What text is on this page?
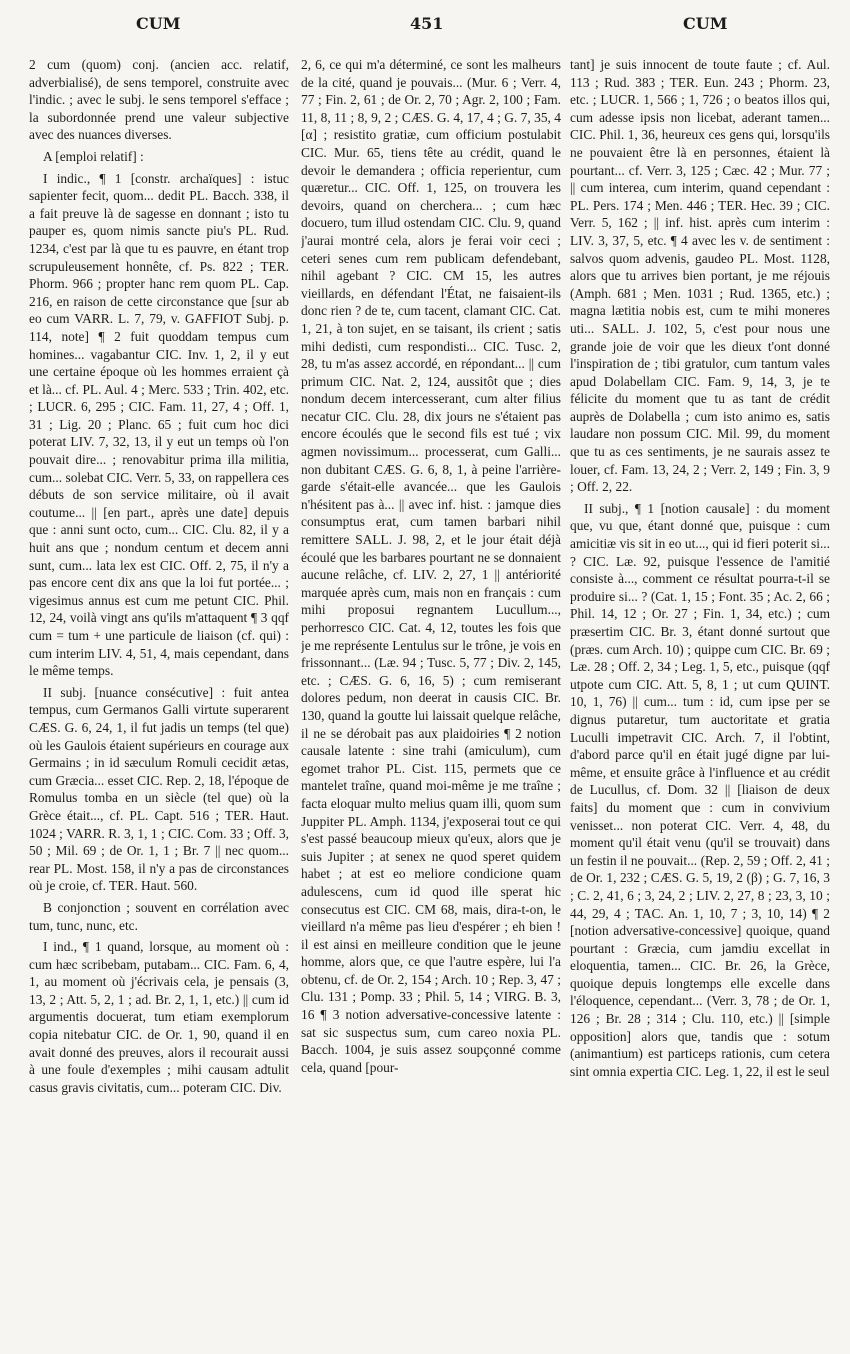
CUM	451	CUM

2 cum (quom) conj. (ancien acc. relatif, adverbialisé), de sens temporel, construite avec l'indic. ; avec le subj. le sens temporel s'efface ; la subordonnée prend une valeur subjective avec des nuances diverses.

A [emploi relatif] :

I indic., ¶ 1 [constr. archaïques] : istuc sapienter fecit, quom... dedit PL. Bacch. 338, il a fait preuve là de sagesse en donnant ; isto tu pauper es, quom nimis sancte piu's PL. Rud. 1234, c'est par là que tu es pauvre, en étant trop scrupuleusement honnête, cf. Ps. 822 ; TER. Phorm. 966 ; propter hanc rem quom PL. Cap. 216, en raison de cette circonstance que [sur ab eo cum VARR. L. 7, 79, v. GAFFIOT Subj. p. 114, note] ¶ 2 fuit quoddam tempus cum homines... vagabantur CIC. Inv. 1, 2, il y eut une certaine époque où les hommes erraient çà et là... cf. PL. Aul. 4 ; Merc. 533 ; Trin. 402, etc. ; LUCR. 6, 295 ; CIC. Fam. 11, 27, 4 ; Off. 1, 31 ; Lig. 20 ; Planc. 65 ; fuit cum hoc dici poterat LIV. 7, 32, 13, il y eut un temps où l'on pouvait dire... ; renovabitur prima illa militia, cum... solebat CIC. Verr. 5, 33, on rappellera ces débuts de son service militaire, où il avait coutume... || [en part., après une date] depuis que : anni sunt octo, cum... CIC. Clu. 82, il y a huit ans que ; nondum centum et decem anni sunt, cum... lata lex est CIC. Off. 2, 75, il n'y a pas encore cent dix ans que la loi fut portée... ; vigesimus annus est cum me petunt CIC. Phil. 12, 24, voilà vingt ans qu'ils m'attaquent ¶ 3 qqf cum = tum + une particule de liaison (cf. qui) : cum interim LIV. 4, 51, 4, mais cependant, dans le même temps.

II subj. [nuance consécutive] : fuit antea tempus, cum Germanos Galli virtute superarent CÆS. G. 6, 24, 1, il fut jadis un temps (tel que) où les Gaulois étaient supérieurs en courage aux Germains ; in id sæculum Romuli cecidit ætas, cum Græcia... esset CIC. Rep. 2, 18, l'époque de Romulus tomba en un siècle (tel que) où la Grèce était..., cf. PL. Capt. 516 ; TER. Haut. 1024 ; VARR. R. 3, 1, 1 ; CIC. Com. 33 ; Off. 3, 50 ; Mil. 69 ; de Or. 1, 1 ; Br. 7 || nec quom... rear PL. Most. 158, il n'y a pas de circonstances où je croie, cf. TER. Haut. 560.

B conjonction ; souvent en corrélation avec tum, tunc, nunc, etc.

I ind., ¶ 1 quand, lorsque, au moment où : cum hæc scribebam, putabam... CIC. Fam. 6, 4, 1, au moment où j'écrivais cela, je pensais (3, 13, 2 ; Att. 5, 2, 1 ; ad. Br. 2, 1, 1, etc.) || cum id argumentis docuerat, tum etiam exemplorum copia nitebatur CIC. de Or. 1, 90, quand il en avait donné des preuves, alors il recourait aussi à une foule d'exemples ; mihi causam adtulit casus gravis civitatis, cum... poteram CIC. Div.

2, 6, ce qui m'a déterminé, ce sont les malheurs de la cité, quand je pouvais... (Mur. 6 ; Verr. 4, 77 ; Fin. 2, 61 ; de Or. 2, 70 ; Agr. 2, 100 ; Fam. 11, 8, 11 ; 8, 9, 2 ; CÆS. G. 4, 17, 4 ; G. 7, 35, 4 [α] ; resistito gratiæ, cum officium postulabit CIC. Mur. 65, tiens tête au crédit, quand le devoir le demandera ; officia reperientur, cum quæretur... CIC. Off. 1, 125, on trouvera les devoirs, quand on cherchera... ; cum hæc docuero, tum illud ostendam CIC. Clu. 9, quand j'aurai montré cela, alors je ferai voir ceci ; ceteri senes cum rem publicam defendebant, nihil agebant ? CIC. CM 15, les autres vieillards, en défendant l'État, ne faisaient-ils donc rien ? de te, cum tacent, clamant CIC. Cat. 1, 21, à ton sujet, en se taisant, ils crient ; satis mihi dedisti, cum respondisti... CIC. Tusc. 2, 28, tu m'as assez accordé, en répondant... || cum primum CIC. Nat. 2, 124, aussitôt que ; dies nondum decem intercesserant, cum alter filius necatur CIC. Clu. 28, dix jours ne s'étaient pas encore écoulés que le second fils est tué ; vix agmen novissimum... processerat, cum Galli... non dubitant CÆS. G. 6, 8, 1, à peine l'arrière-garde s'était-elle avancée... que les Gaulois n'hésitent pas à... || avec inf. hist. : jamque dies consumptus erat, cum tamen barbari nihil remittere SALL. J. 98, 2, et le jour était déjà écoulé que les barbares pourtant ne se donnaient aucune relâche, cf. LIV. 2, 27, 1 || antériorité marquée après cum, mais non en français : cum mihi proposui regnantem Lucullum..., perhorresco CIC. Cat. 4, 12, toutes les fois que je me représente Lentulus sur le trône, je vois en frissonnant... (Læ. 94 ; Tusc. 5, 77 ; Div. 2, 145, etc. ; CÆS. G. 6, 16, 5) ; cum remiserant dolores pedum, non deerat in causis CIC. Br. 130, quand la goutte lui laissait quelque relâche, il ne se dérobait pas aux plaidoiries ¶ 2 notion causale latente : sine trahi (amiculum), cum egomet trahor PL. Cist. 115, permets que ce mantelet traîne, quand moi-même je me traîne ; facta eloquar multo melius quam illi, quom sum Juppiter PL. Amph. 1134, j'exposerai tout ce qui s'est passé beaucoup mieux qu'eux, alors que je suis Jupiter ; at senex ne quod speret quidem habet ; at est eo meliore condicione quam adulescens, cum id quod ille sperat hic consecutus est CIC. CM 68, mais, dira-t-on, le vieillard n'a même pas lieu d'espérer ; eh bien ! il est ainsi en meilleure condition que le jeune homme, alors que, ce que l'autre espère, lui l'a obtenu, cf. de Or. 2, 154 ; Arch. 10 ; Rep. 3, 47 ; Clu. 131 ; Pomp. 33 ; Phil. 5, 14 ; VIRG. B. 3, 16 ¶ 3 notion adversative-concessive latente : sat sic suspectus sum, cum careo noxia PL. Bacch. 1004, je suis assez soupçonné comme cela, quand [pour-

tant] je suis innocent de toute faute ; cf. Aul. 113 ; Rud. 383 ; TER. Eun. 243 ; Phorm. 23, etc. ; LUCR. 1, 566 ; 1, 726 ; o beatos illos qui, cum adesse ipsis non licebat, aderant tamen... CIC. Phil. 1, 36, heureux ces gens qui, lorsqu'ils ne pouvaient être là en personnes, étaient là pourtant... cf. Verr. 3, 125 ; Cæc. 42 ; Mur. 77 ; || cum interea, cum interim, quand cependant : PL. Pers. 174 ; Men. 446 ; TER. Hec. 39 ; CIC. Verr. 5, 162 ; || inf. hist. après cum interim : LIV. 3, 37, 5, etc. ¶ 4 avec les v. de sentiment : salvos quom advenis, gaudeo PL. Most. 1128, alors que tu arrives bien portant, je me réjouis (Amph. 681 ; Men. 1031 ; Rud. 1365, etc.) ; magna lætitia nobis est, cum te mihi moneres uti... SALL. J. 102, 5, c'est pour nous une grande joie de voir que les dieux t'ont donné l'inspiration de ; tibi gratulor, cum tantum vales apud Dolabellam CIC. Fam. 9, 14, 3, je te félicite du moment que tu as tant de crédit auprès de Dolabella ; cum isto animo es, satis laudare non possum CIC. Mil. 99, du moment que tu as ces sentiments, je ne saurais assez te louer, cf. Fam. 13, 24, 2 ; Verr. 2, 149 ; Fin. 3, 9 ; Off. 2, 22.

II subj., ¶ 1 [notion causale] : du moment que, vu que, étant donné que, puisque : cum amicitiæ vis sit in eo ut..., qui id fieri poterit si... ? CIC. Læ. 92, puisque l'essence de l'amitié consiste à..., comment ce résultat pourra-t-il se produire si... ? (Cat. 1, 15 ; Font. 35 ; Ac. 2, 66 ; Phil. 14, 12 ; Or. 27 ; Fin. 1, 34, etc.) ; cum præsertim CIC. Br. 3, étant donné surtout que (præs. cum Arch. 10) ; quippe cum CIC. Br. 69 ; Læ. 28 ; Off. 2, 34 ; Leg. 1, 5, etc., puisque (qqf utpote cum CIC. Att. 5, 8, 1 ; ut cum QUINT. 10, 1, 76) || cum... tum : id, cum ipse per se dignus putaretur, tum auctoritate et gratia Luculli impetravit CIC. Arch. 7, il l'obtint, d'abord parce qu'il en était jugé digne par lui-même, et ensuite grâce à l'influence et au crédit de Lucullus, cf. Dom. 32 || [liaison de deux faits] du moment que : cum in convivium venisset... non poterat CIC. Verr. 4, 48, du moment qu'il était venu (qu'il se trouvait) dans un festin il ne pouvait... (Rep. 2, 59 ; Off. 2, 41 ; de Or. 1, 232 ; CÆS. G. 5, 19, 2 (β) ; G. 7, 16, 3 ; C. 2, 41, 6 ; 3, 24, 2 ; LIV. 2, 27, 8 ; 23, 3, 10 ; 44, 29, 4 ; TAC. An. 1, 10, 7 ; 3, 10, 14) ¶ 2 [notion adversative-concessive] quoique, quand pourtant : Græcia, cum jamdiu excellat in eloquentia, tamen... CIC. Br. 26, la Grèce, quoique depuis longtemps elle excelle dans l'éloquence, cependant... (Verr. 3, 78 ; de Or. 1, 126 ; Br. 28 ; 314 ; Clu. 110, etc.) || [simple opposition] alors que, tandis que : sotum (animantium) est particeps rationis, cum cetera sint omnia expertia CIC. Leg. 1, 22, il est le seul
